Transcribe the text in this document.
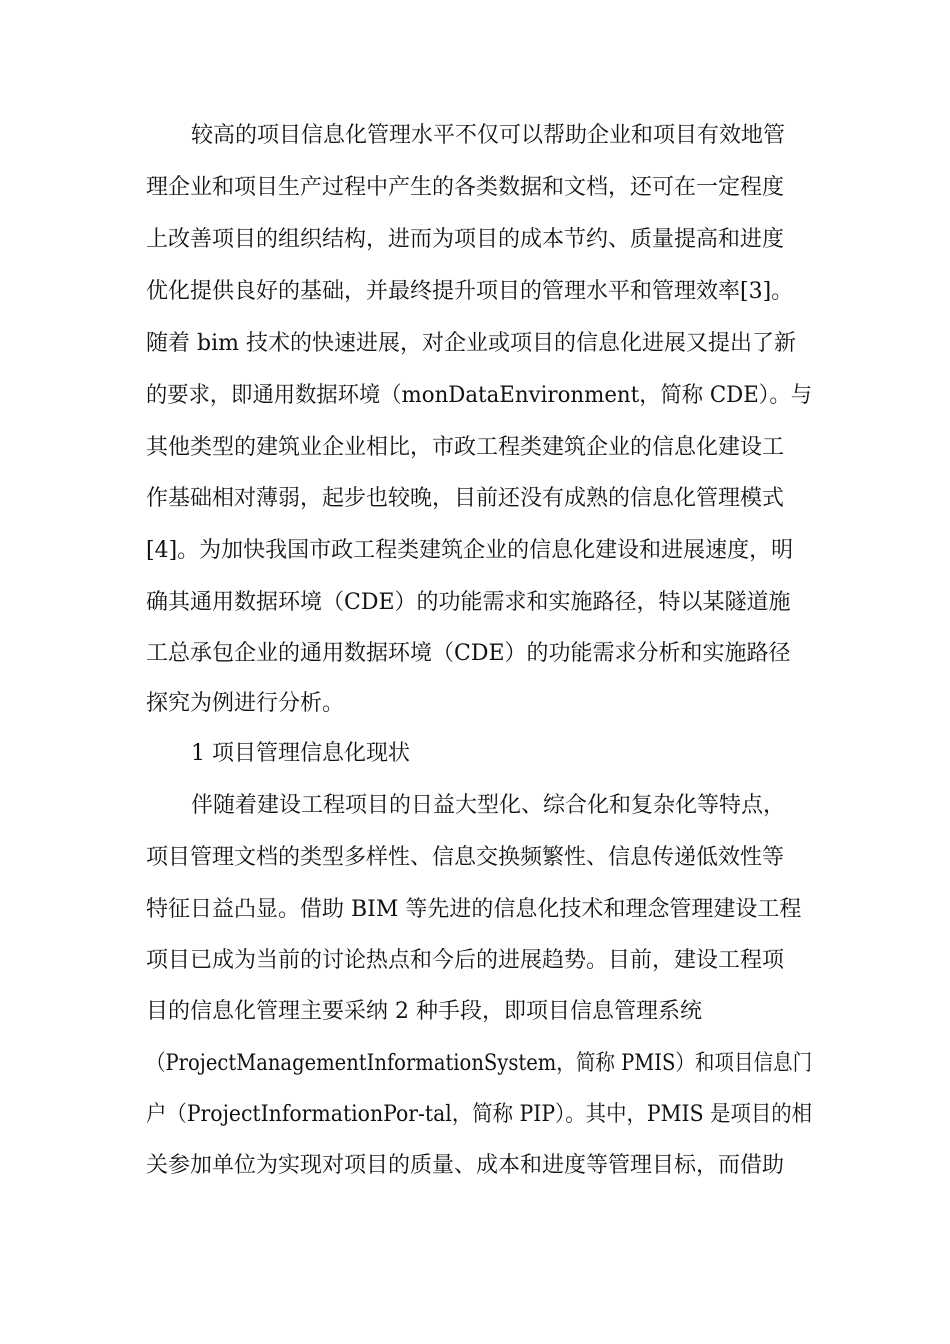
较高的项目信息化管理水平不仅可以帮助企业和项目有效地管
理企业和项目生产过程中产生的各类数据和文档，还可在一定程度
上改善项目的组织结构，进而为项目的成本节约、质量提高和进度
优化提供良好的基础，并最终提升项目的管理水平和管理效率[3]。
随着 bim 技术的快速进展，对企业或项目的信息化进展又提出了新
的要求，即通用数据环境（monDataEnvironment，简称 CDE）。与
其他类型的建筑业企业相比，市政工程类建筑企业的信息化建设工
作基础相对薄弱，起步也较晚，目前还没有成熟的信息化管理模式
[4]。为加快我国市政工程类建筑企业的信息化建设和进展速度，明
确其通用数据环境（CDE）的功能需求和实施路径，特以某隧道施
工总承包企业的通用数据环境（CDE）的功能需求分析和实施路径
探究为例进行分析。
1 项目管理信息化现状
伴随着建设工程项目的日益大型化、综合化和复杂化等特点，
项目管理文档的类型多样性、信息交换频繁性、信息传递低效性等
特征日益凸显。借助 BIM 等先进的信息化技术和理念管理建设工程
项目已成为当前的讨论热点和今后的进展趋势。目前，建设工程项
目的信息化管理主要采纳 2 种手段，即项目信息管理系统
（ProjectManagementInformationSystem，简称 PMIS）和项目信息门
户（ProjectInformationPor-tal，简称 PIP）。其中，PMIS 是项目的相
关参加单位为实现对项目的质量、成本和进度等管理目标，而借助
